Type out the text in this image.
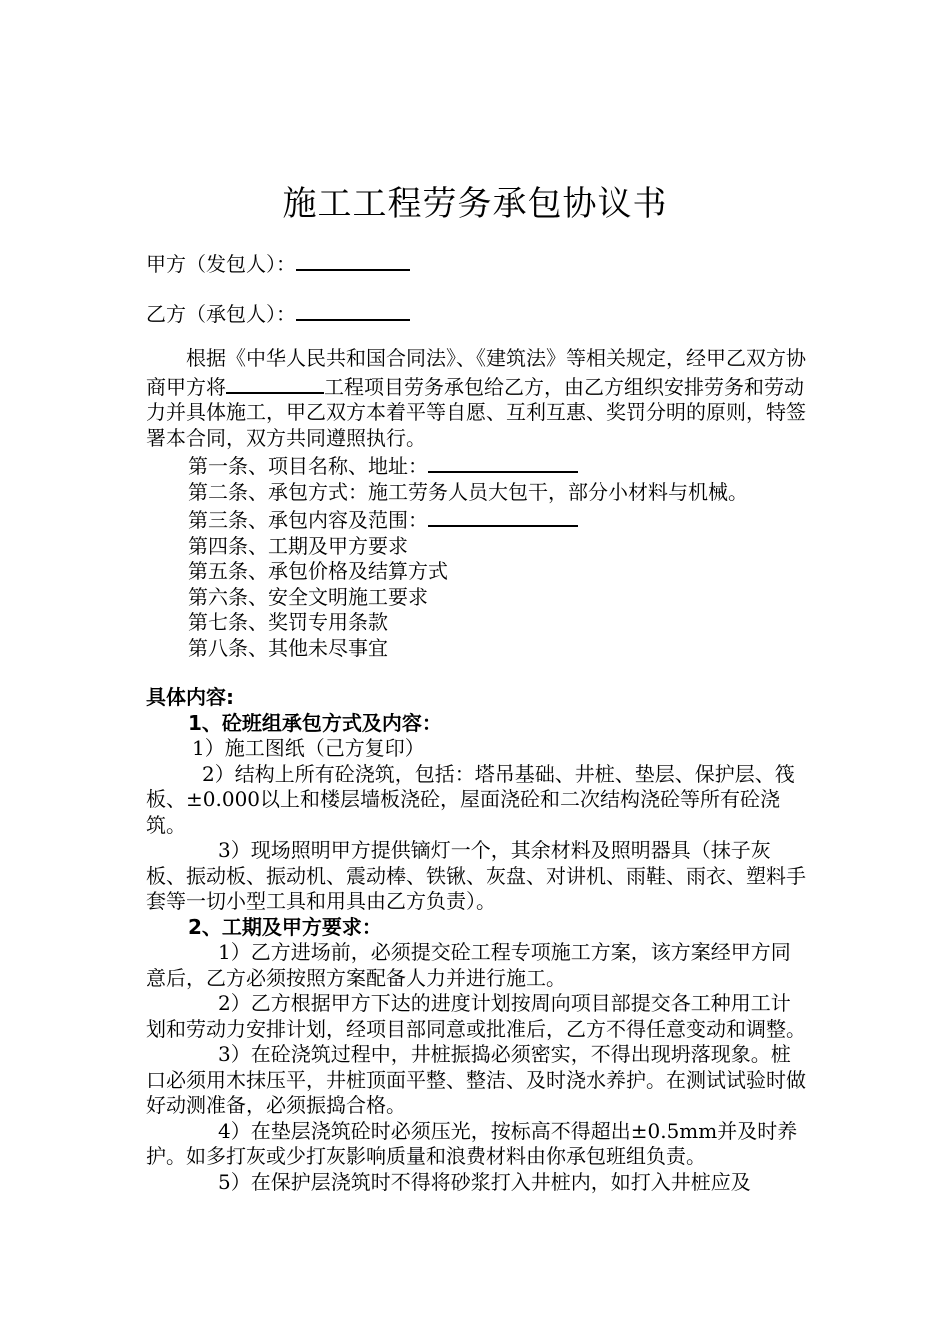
施工工程劳务承包协议书
甲方（发包人）：
乙方（承包人）：

根据《中华人民共和国合同法》、《建筑法》等相关规定，经甲乙双方协商甲方将	工程项目劳务承包给乙方，由乙方组织安排劳务和劳动力并具体施工，甲乙双方本着平等自愿、互利互惠、奖罚分明的原则，特签署本合同，双方共同遵照执行。

第一条、项目名称、地址：

第二条、承包方式：施工劳务人员大包干，部分小材料与机械。

第三条、承包内容及范围：

第四条、工期及甲方要求

第五条、承包价格及结算方式

第六条、安全文明施工要求

第七条、奖罚专用条款

第八条、其他未尽事宜

具体内容:

1、砼班组承包方式及内容：

1）施工图纸（己方复印）

2）结构上所有砼浇筑，包括：塔吊基础、井桩、垫层、保护层、筏板、±0.000以上和楼层墙板浇砼，屋面浇砼和二次结构浇砼等所有砼浇筑。

3）现场照明甲方提供镝灯一个，其余材料及照明器具（抹子灰板、振动板、振动机、震动棒、铁锹、灰盘、对讲机、雨鞋、雨衣、塑料手套等一切小型工具和用具由乙方负责）。

2、工期及甲方要求：

1）乙方进场前，必须提交砼工程专项施工方案，该方案经甲方同意后，乙方必须按照方案配备人力并进行施工。

2）乙方根据甲方下达的进度计划按周向项目部提交各工种用工计划和劳动力安排计划，经项目部同意或批准后，乙方不得任意变动和调整。

3）在砼浇筑过程中，井桩振捣必须密实，不得出现坍落现象。桩口必须用木抹压平，井桩顶面平整、整洁、及时浇水养护。在测试试验时做好动测准备，必须振捣合格。

4）在垫层浇筑砼时必须压光，按标高不得超出±0.5mm并及时养护。如多打灰或少打灰影响质量和浪费材料由你承包班组负责。

5）在保护层浇筑时不得将砂浆打入井桩内，如打入井桩应及
